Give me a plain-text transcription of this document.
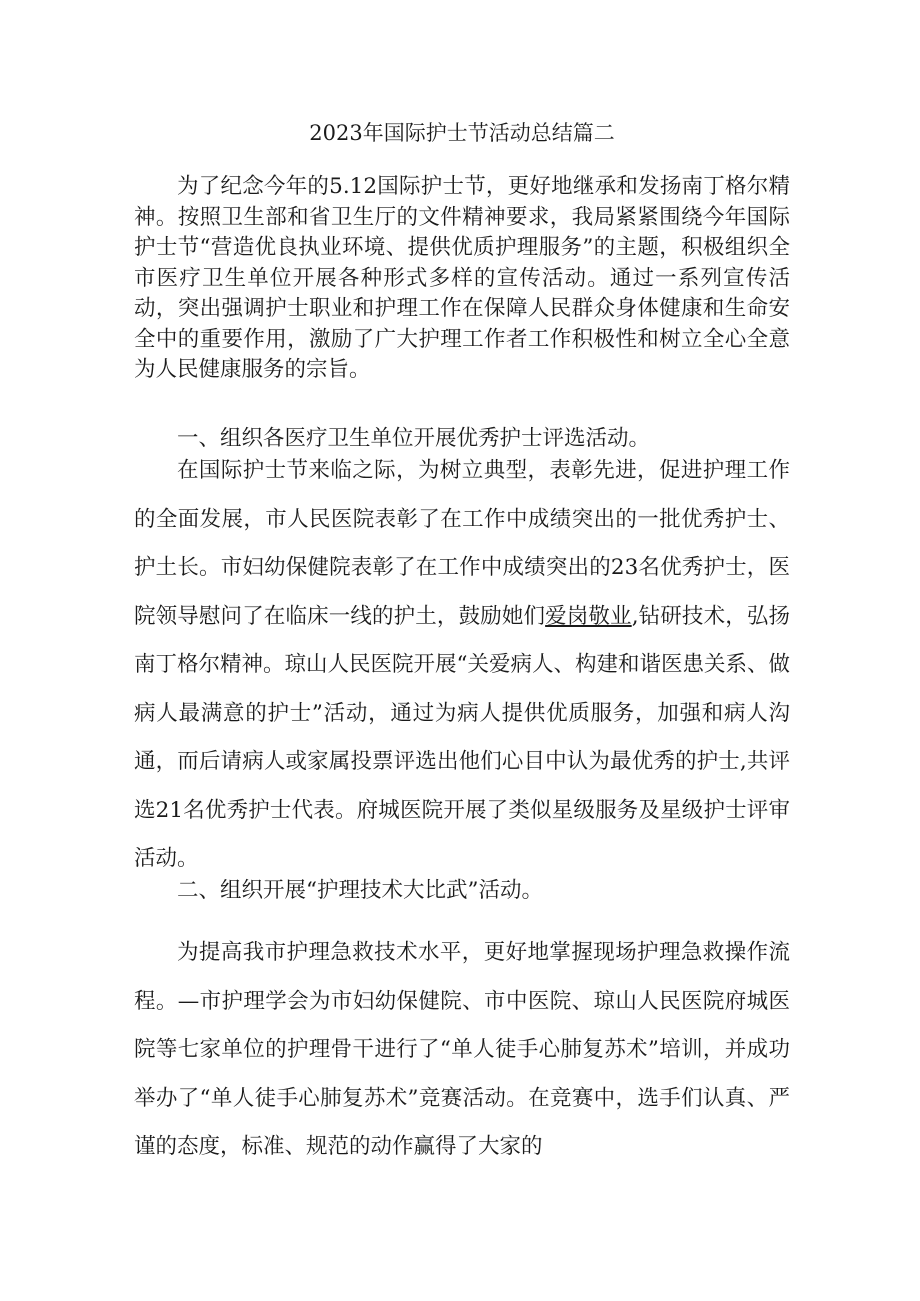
2023年国际护士节活动总结篇二

为了纪念今年的5.12国际护士节，更好地继承和发扬南丁格尔精神。按照卫生部和省卫生厅的文件精神要求，我局紧紧围绕今年国际护士节“营造优良执业环境、提供优质护理服务”的主题，积极组织全市医疗卫生单位开展各种形式多样的宣传活动。通过一系列宣传活动，突出强调护士职业和护理工作在保障人民群众身体健康和生命安全中的重要作用，激励了广大护理工作者工作积极性和树立全心全意为人民健康服务的宗旨。

一、组织各医疗卫生单位开展优秀护士评选活动。

在国际护士节来临之际，为树立典型，表彰先进，促进护理工作的全面发展，市人民医院表彰了在工作中成绩突出的一批优秀护士、护土长。市妇幼保健院表彰了在工作中成绩突出的23名优秀护士，医院领导慰问了在临床一线的护土，鼓励她们爱岗敬业,钻研技术，弘扬南丁格尔精神。琼山人民医院开展“关爱病人、构建和谐医患关系、做病人最满意的护士”活动，通过为病人提供优质服务，加强和病人沟通，而后请病人或家属投票评选出他们心目中认为最优秀的护士,共评选21名优秀护士代表。府城医院开展了类似星级服务及星级护士评审活动。

二、组织开展“护理技术大比武”活动。

为提高我市护理急救技术水平，更好地掌握现场护理急救操作流程。—市护理学会为市妇幼保健院、市中医院、琼山人民医院府城医院等七家单位的护理骨干进行了“单人徒手心肺复苏术”培训，并成功举办了“单人徒手心肺复苏术”竞赛活动。在竞赛中，选手们认真、严谨的态度，标准、规范的动作赢得了大家的
